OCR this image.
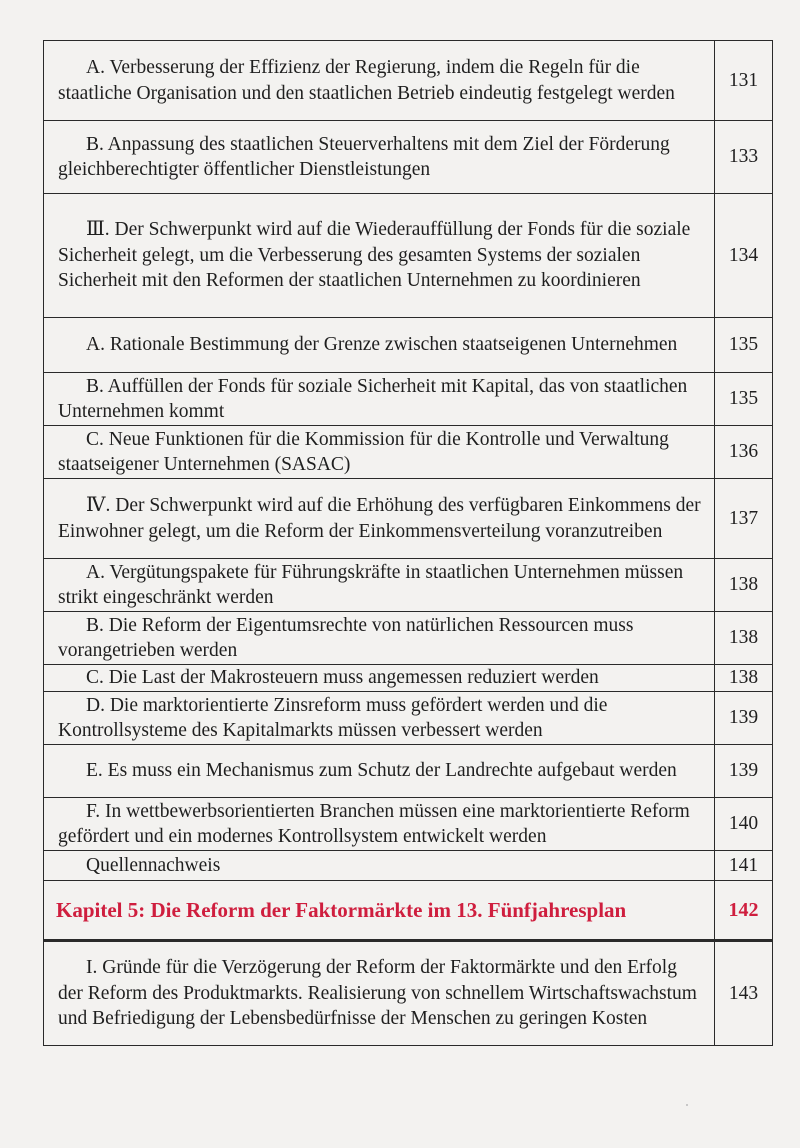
A. Verbesserung der Effizienz der Regierung, indem die Regeln für die staatliche Organisation und den staatlichen Betrieb eindeutig festgelegt werden	131
B. Anpassung des staatlichen Steuerverhaltens mit dem Ziel der Förderung gleichberechtigter öffentlicher Dienstleistungen	133
Ⅲ. Der Schwerpunkt wird auf die Wiederauffüllung der Fonds für die soziale Sicherheit gelegt, um die Verbesserung des gesamten Systems der sozialen Sicherheit mit den Reformen der staatlichen Unternehmen zu koordinieren	134
A. Rationale Bestimmung der Grenze zwischen staatseigenen Unternehmen	135
B. Auffüllen der Fonds für soziale Sicherheit mit Kapital, das von staatlichen Unternehmen kommt	135
C. Neue Funktionen für die Kommission für die Kontrolle und Verwaltung staatseigener Unternehmen (SASAC)	136
Ⅳ. Der Schwerpunkt wird auf die Erhöhung des verfügbaren Einkommens der Einwohner gelegt, um die Reform der Einkommensverteilung voranzutreiben	137
A. Vergütungspakete für Führungskräfte in staatlichen Unternehmen müssen strikt eingeschränkt werden	138
B. Die Reform der Eigentumsrechte von natürlichen Ressourcen muss vorangetrieben werden	138
C. Die Last der Makrosteuern muss angemessen reduziert werden	138
D. Die marktorientierte Zinsreform muss gefördert werden und die Kontrollsysteme des Kapitalmarkts müssen verbessert werden	139
E. Es muss ein Mechanismus zum Schutz der Landrechte aufgebaut werden	139
F. In wettbewerbsorientierten Branchen müssen eine marktorientierte Reform gefördert und ein modernes Kontrollsystem entwickelt werden	140
Quellennachweis	141
Kapitel 5: Die Reform der Faktormärkte im 13. Fünfjahresplan	142
I. Gründe für die Verzögerung der Reform der Faktormärkte und den Erfolg der Reform des Produktmarkts. Realisierung von schnellem Wirtschaftswachstum und Befriedigung der Lebensbedürfnisse der Menschen zu geringen Kosten	143
